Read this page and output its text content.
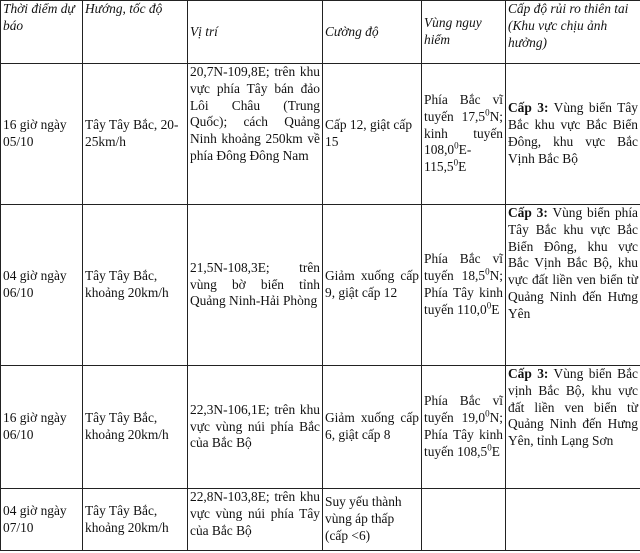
Thời điểm dự báo	Hướng, tốc độ	Vị trí	Cường độ	Vùng nguy hiểm	Cấp độ rủi ro thiên tai (Khu vực chịu ảnh hưởng)
16 giờ ngày 05/10	Tây Tây Bắc, 20-25km/h	20,7N-109,8E; trên khu vực phía Tây bán đảo Lôi Châu (Trung Quốc); cách Quảng Ninh khoảng 250km về phía Đông Đông Nam	Cấp 12, giật cấp 15	Phía Bắc vĩ tuyến 17,5$^0$N; kinh tuyến 108,0$^0$E-115,5$^0$E	Cấp 3: Vùng biển Tây Bắc khu vực Bắc Biển Đông, khu vực Bắc Vịnh Bắc Bộ
04 giờ ngày 06/10	Tây Tây Bắc, khoảng 20km/h	21,5N-108,3E; trên vùng bờ biển tỉnh Quảng Ninh-Hải Phòng	Giảm xuống cấp 9, giật cấp 12	Phía Bắc vĩ tuyến 18,5$^0$N; Phía Tây kinh tuyến 110,0$^0$E	Cấp 3: Vùng biển phía Tây Bắc khu vực Bắc Biển Đông, khu vực Bắc Vịnh Bắc Bộ, khu vực đất liền ven biển từ Quảng Ninh đến Hưng Yên
16 giờ ngày 06/10	Tây Tây Bắc, khoảng 20km/h	22,3N-106,1E; trên khu vực vùng núi phía Bắc của Bắc Bộ	Giảm xuống cấp 6, giật cấp 8	Phía Bắc vĩ tuyến 19,0$^0$N; Phía Tây kinh tuyến 108,5$^0$E	Cấp 3: Vùng biển Bắc vịnh Bắc Bộ, khu vực đất liền ven biển từ Quảng Ninh đến Hưng Yên, tỉnh Lạng Sơn
04 giờ ngày 07/10	Tây Tây Bắc, khoảng 20km/h	22,8N-103,8E; trên khu vực vùng núi phía Tây của Bắc Bộ	Suy yếu thành vùng áp thấp (cấp <6)		
